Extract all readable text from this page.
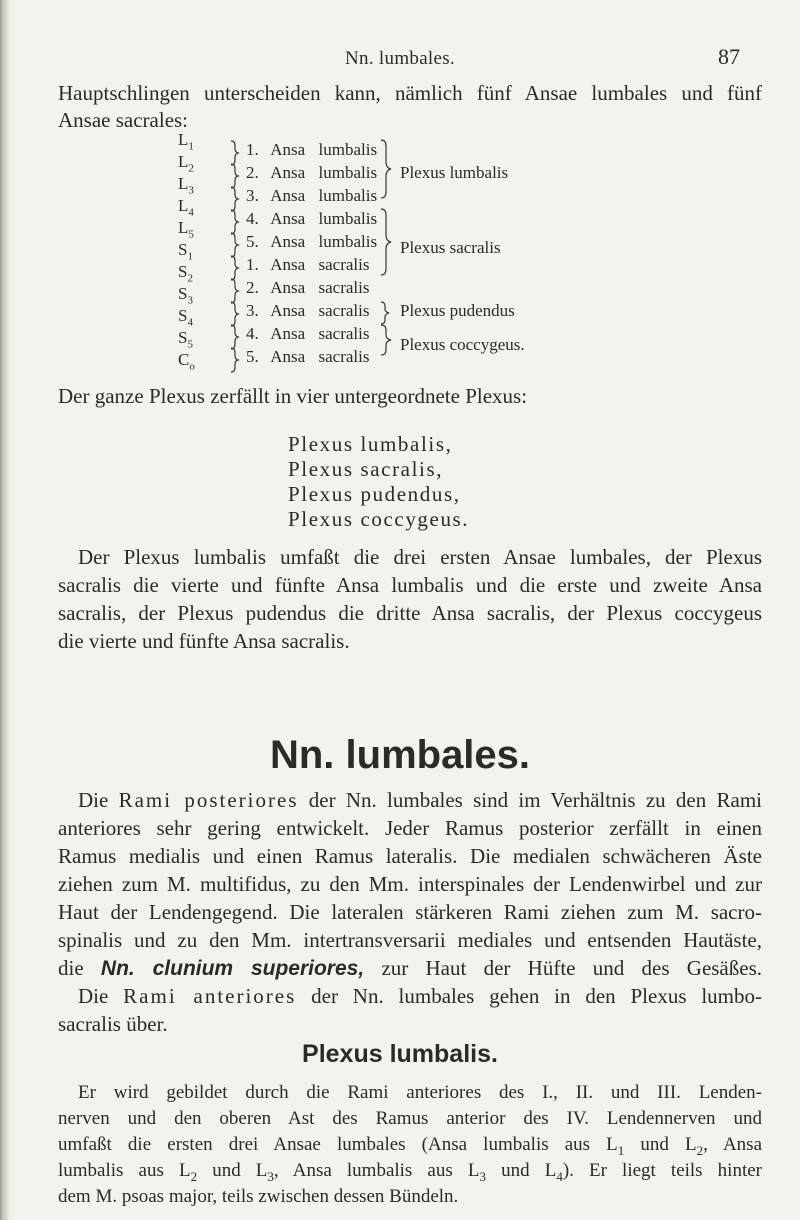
Nn. lumbales.	87
Hauptschlingen unterscheiden kann, nämlich fünf Ansae lumbales und fünf
Ansae sacrales:
$L_1$
$L_2$
$L_3$
$L_4$
$L_5$
$S_1$
$S_2$
$S_3$
$S_4$
$S_5$
$C_o$
1. Ansa lumbalis
2. Ansa lumbalis
3. Ansa lumbalis
4. Ansa lumbalis
5. Ansa lumbalis
1. Ansa sacralis
2. Ansa sacralis
3. Ansa sacralis
4. Ansa sacralis
5. Ansa sacralis
Plexus lumbalis
Plexus sacralis
Plexus pudendus
Plexus coccygeus.
Der ganze Plexus zerfällt in vier untergeordnete Plexus:
Plexus lumbalis,
Plexus sacralis,
Plexus pudendus,
Plexus coccygeus.
Der Plexus lumbalis umfaßt die drei ersten Ansae lumbales, der Plexus
sacralis die vierte und fünfte Ansa lumbalis und die erste und zweite Ansa
sacralis, der Plexus pudendus die dritte Ansa sacralis, der Plexus coccygeus
die vierte und fünfte Ansa sacralis.
Nn. lumbales.
Die Rami posteriores der Nn. lumbales sind im Verhältnis zu den Rami
anteriores sehr gering entwickelt. Jeder Ramus posterior zerfällt in einen
Ramus medialis und einen Ramus lateralis. Die medialen schwächeren Äste
ziehen zum M. multifidus, zu den Mm. interspinales der Lendenwirbel und zur
Haut der Lendengegend. Die lateralen stärkeren Rami ziehen zum M. sacro-
spinalis und zu den Mm. intertransversarii mediales und entsenden Hautäste,
Plexus lumbalis.
die Nn. clunium superiores, zur Haut der Hüfte und des Gesäßes.
Die Rami anteriores der Nn. lumbales gehen in den Plexus lumbo-
sacralis über.
Er wird gebildet durch die Rami anteriores des I., II. und III. Lenden-
nerven und den oberen Ast des Ramus anterior des IV. Lendennerven und
umfaßt die ersten drei Ansae lumbales (Ansa lumbalis aus $L_1$ und $L_2$, Ansa
lumbalis aus $L_2$ und $L_3$, Ansa lumbalis aus $L_3$ und $L_4$). Er liegt teils hinter
dem M. psoas major, teils zwischen dessen Bündeln.
